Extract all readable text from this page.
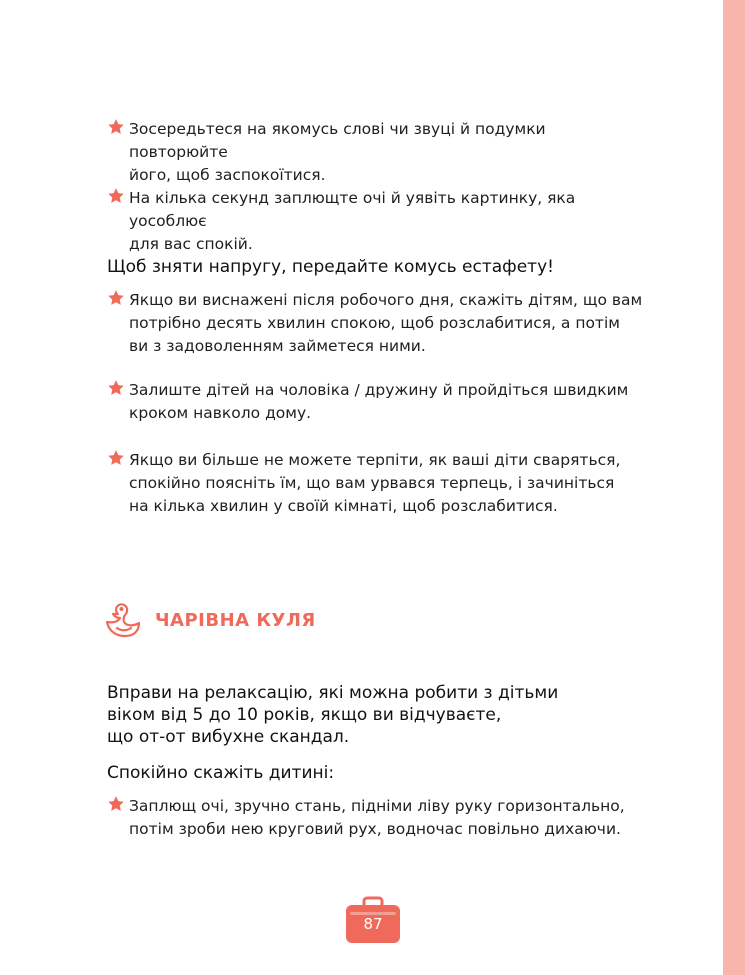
Зосередьтеся на якомусь слові чи звуці й подумки повторюйте
його, щоб заспокоїтися.
На кілька секунд заплющте очі й уявіть картинку, яка уособлює
для вас спокій.
Щоб зняти напругу, передайте комусь естафету!
Якщо ви виснажені після робочого дня, скажіть дітям, що вам
потрібно десять хвилин спокою, щоб розслабитися, а потім
ви з задоволенням займетеся ними.
Залиште дітей на чоловіка / дружину й пройдіться швидким
кроком навколо дому.
Якщо ви більше не можете терпіти, як ваші діти сваряться,
спокійно поясніть їм, що вам урвався терпець, і зачиніться
на кілька хвилин у своїй кімнаті, щоб розслабитися.
ЧАРІВНА КУЛЯ
Вправи на релаксацію, які можна робити з дітьми
віком від 5 до 10 років, якщо ви відчуваєте,
що от-от вибухне скандал.
Спокійно скажіть дитині:
Заплющ очі, зручно стань, підніми ліву руку горизонтально,
потім зроби нею круговий рух, водночас повільно дихаючи.
87
